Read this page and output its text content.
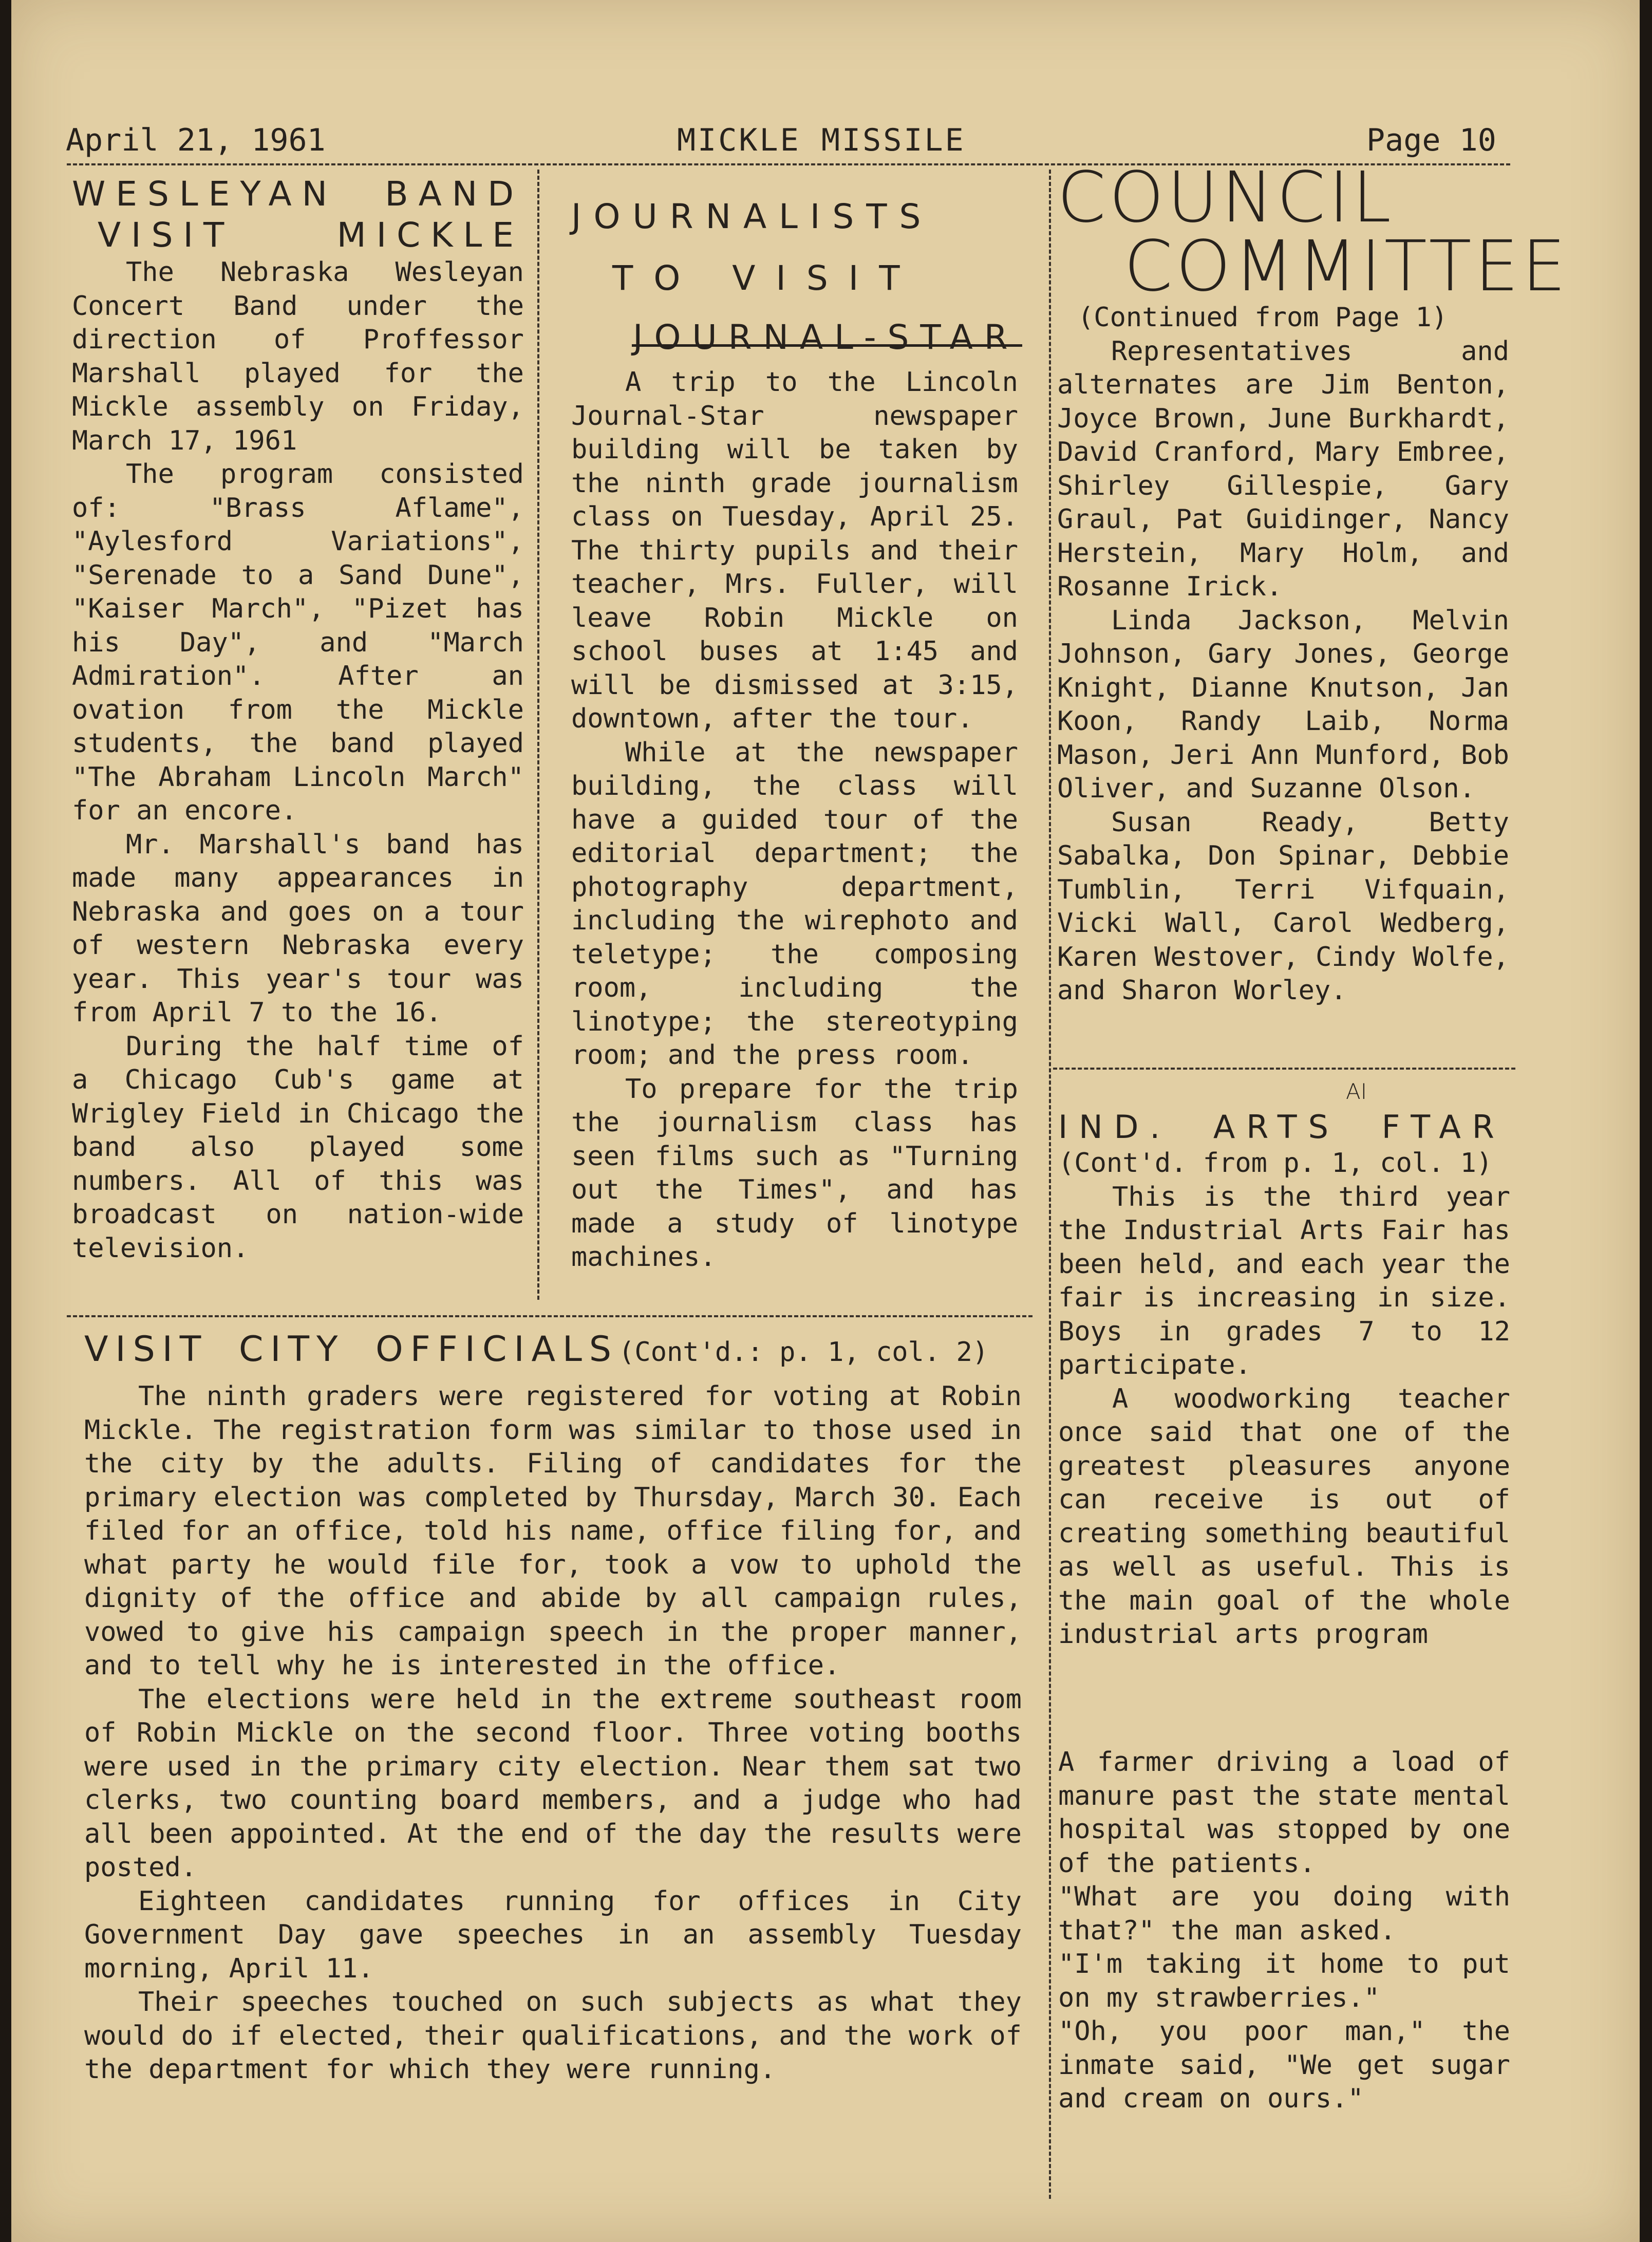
April 21, 1961	MICKLE MISSILE	Page 10
WESLEYAN BAND
VISIT MICKLE

The Nebraska Wesleyan Concert Band under the direction of Proffessor Marshall played for the Mickle assembly on Friday, March 17, 1961

The program consisted of: "Brass Aflame", "Aylesford Variations", "Serenade to a Sand Dune", "Kaiser March", "Pizet has his Day", and "March Admiration". After an ovation from the Mickle students, the band played "The Abraham Lincoln March" for an encore.

Mr. Marshall's band has made many appearances in Nebraska and goes on a tour of western Nebraska every year. This year's tour was from April 7 to the 16.

During the half time of a Chicago Cub's game at Wrigley Field in Chicago the band also played some numbers. All of this was broadcast on nation-wide television.

JOURNALISTS
TO VISIT
JOURNAL-STAR

A trip to the Lincoln Journal-Star newspaper building will be taken by the ninth grade journalism class on Tuesday, April 25. The thirty pupils and their teacher, Mrs. Fuller, will leave Robin Mickle on school buses at 1:45 and will be dismissed at 3:15, downtown, after the tour.

While at the newspaper building, the class will have a guided tour of the editorial department; the photography department, including the wirephoto and teletype; the composing room, including the linotype; the stereotyping room; and the press room.

To prepare for the trip the journalism class has seen films such as "Turning out the Times", and has made a study of linotype machines.

COUNCIL
COMMITTEE

(Continued from Page 1)

Representatives and alternates are Jim Benton, Joyce Brown, June Burkhardt, David Cranford, Mary Embree, Shirley Gillespie, Gary Graul, Pat Guidinger, Nancy Herstein, Mary Holm, and Rosanne Irick.

Linda Jackson, Melvin Johnson, Gary Jones, George Knight, Dianne Knutson, Jan Koon, Randy Laib, Norma Mason, Jeri Ann Munford, Bob Oliver, and Suzanne Olson.

Susan Ready, Betty Sabalka, Don Spinar, Debbie Tumblin, Terri Vifquain, Vicki Wall, Carol Wedberg, Karen Westover, Cindy Wolfe, and Sharon Worley.

AI
IND. ARTS FTAR

(Cont'd. from p. 1, col. 1)

This is the third year the Industrial Arts Fair has been held, and each year the fair is increasing in size. Boys in grades 7 to 12 participate.

A woodworking teacher once said that one of the greatest pleasures anyone can receive is out of creating something beautiful as well as useful. This is the main goal of the whole industrial arts program

A farmer driving a load of manure past the state mental hospital was stopped by one of the patients.

"What are you doing with that?" the man asked.

"I'm taking it home to put on my strawberries."

"Oh, you poor man," the inmate said, "We get sugar and cream on ours."

VISIT CITY OFFICIALS(Cont'd.: p. 1, col. 2)

The ninth graders were registered for voting at Robin Mickle. The registration form was similar to those used in the city by the adults. Filing of candidates for the primary election was completed by Thursday, March 30. Each filed for an office, told his name, office filing for, and what party he would file for, took a vow to uphold the dignity of the office and abide by all campaign rules, vowed to give his campaign speech in the proper manner, and to tell why he is interested in the office.

The elections were held in the extreme southeast room of Robin Mickle on the second floor. Three voting booths were used in the primary city election. Near them sat two clerks, two counting board members, and a judge who had all been appointed. At the end of the day the results were posted.

Eighteen candidates running for offices in City Government Day gave speeches in an assembly Tuesday morning, April 11.

Their speeches touched on such subjects as what they would do if elected, their qualifications, and the work of the department for which they were running.
